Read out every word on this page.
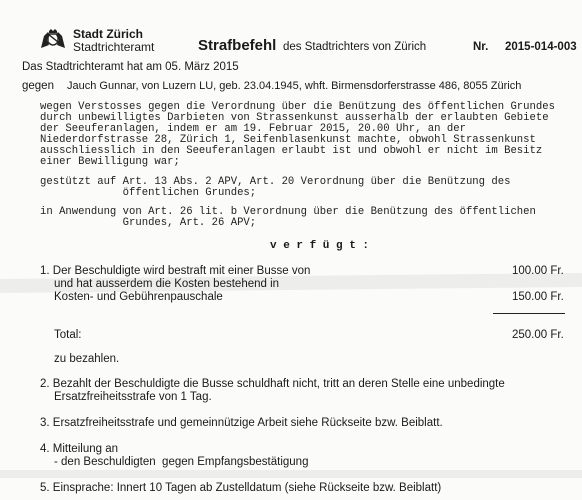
Stadt Zürich
Stadtrichteramt	Strafbefehl des Stadtrichters von Zürich	Nr. 2015-014-003
Das Stadtrichteramt hat am 05. März 2015
gegen Jauch Gunnar, von Luzern LU, geb. 23.04.1945, whft. Birmensdorferstrasse 486, 8055 Zürich
wegen Verstosses gegen die Verordnung über die Benützung des öffentlichen Grundes
durch unbewilligtes Darbieten von Strassenkunst ausserhalb der erlaubten Gebiete
der Seeuferanlagen, indem er am 19. Februar 2015, 20.00 Uhr, an der
Niederdorfstrasse 28, Zürich 1, Seifenblasenkunst machte, obwohl Strassenkunst
ausschliesslich in den Seeuferanlagen erlaubt ist und obwohl er nicht im Besitz
einer Bewilligung war;
gestützt auf Art. 13 Abs. 2 APV, Art. 20 Verordnung über die Benützung des
öffentlichen Grundes;
in Anwendung von Art. 26 lit. b Verordnung über die Benützung des öffentlichen
Grundes, Art. 26 APV;
v e r f ü g t :
1. Der Beschuldigte wird bestraft mit einer Busse von	100.00 Fr.
und hat ausserdem die Kosten bestehend in
Kosten- und Gebührenpauschale	150.00 Fr.
Total:	250.00 Fr.
zu bezahlen.
2. Bezahlt der Beschuldigte die Busse schuldhaft nicht, tritt an deren Stelle eine unbedingte
Ersatzfreiheitsstrafe von 1 Tag.
3. Ersatzfreiheitsstrafe und gemeinnützige Arbeit siehe Rückseite bzw. Beiblatt.
4. Mitteilung an
- den Beschuldigten  gegen Empfangsbestätigung
5. Einsprache: Innert 10 Tagen ab Zustelldatum (siehe Rückseite bzw. Beiblatt)
